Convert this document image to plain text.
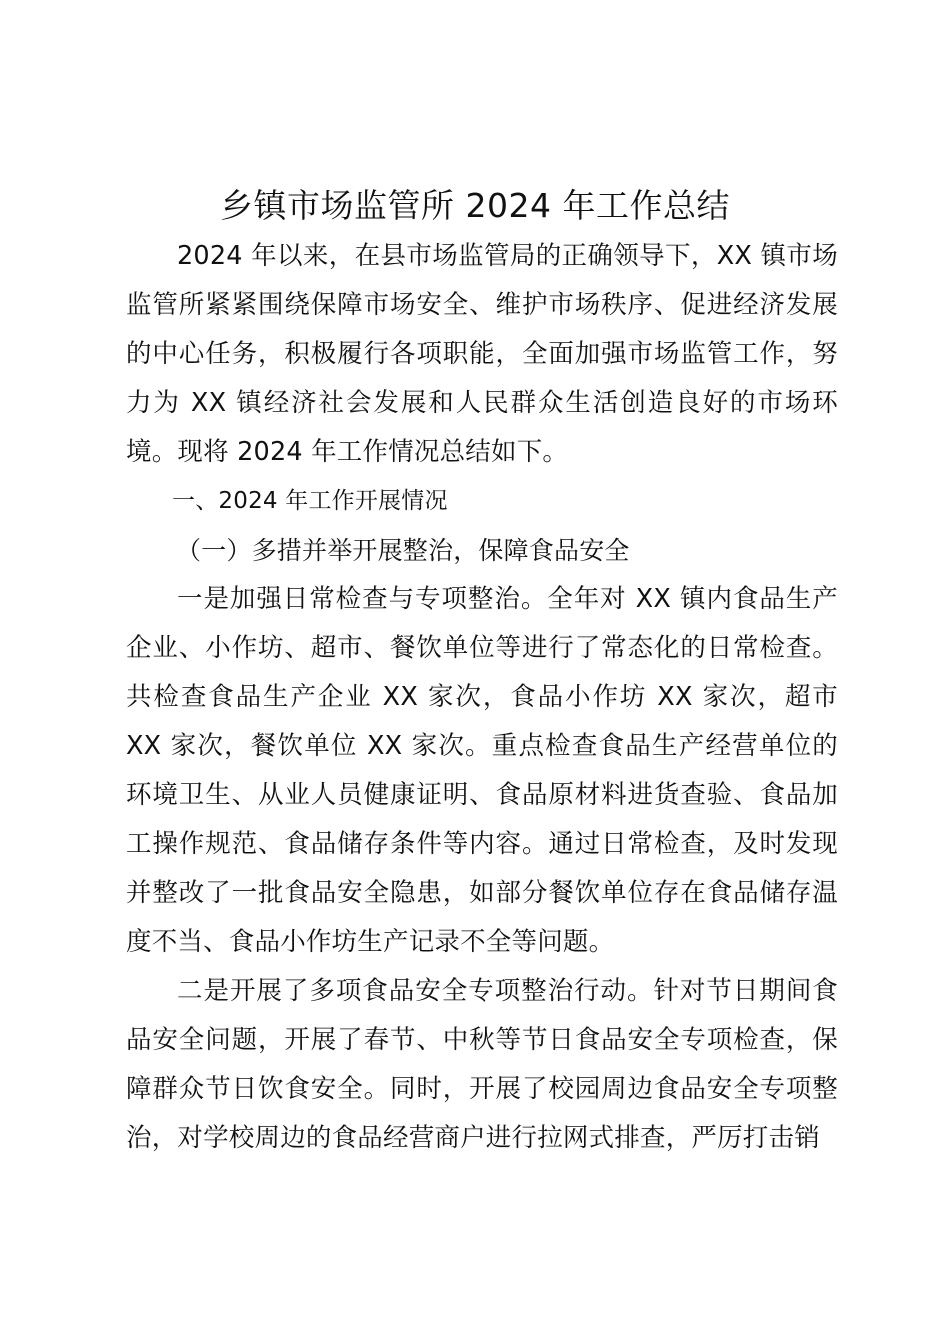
乡镇市场监管所 2024 年工作总结

2024 年以来，在县市场监管局的正确领导下，XX 镇市场监管所紧紧围绕保障市场安全、维护市场秩序、促进经济发展的中心任务，积极履行各项职能，全面加强市场监管工作，努力为 XX 镇经济社会发展和人民群众生活创造良好的市场环境。现将 2024 年工作情况总结如下。

一、2024 年工作开展情况

（一）多措并举开展整治，保障食品安全

一是加强日常检查与专项整治。全年对 XX 镇内食品生产企业、小作坊、超市、餐饮单位等进行了常态化的日常检查。共检查食品生产企业 XX 家次，食品小作坊 XX 家次，超市 XX 家次，餐饮单位 XX 家次。重点检查食品生产经营单位的环境卫生、从业人员健康证明、食品原材料进货查验、食品加工操作规范、食品储存条件等内容。通过日常检查，及时发现并整改了一批食品安全隐患，如部分餐饮单位存在食品储存温度不当、食品小作坊生产记录不全等问题。

二是开展了多项食品安全专项整治行动。针对节日期间食品安全问题，开展了春节、中秋等节日食品安全专项检查，保障群众节日饮食安全。同时，开展了校园周边食品安全专项整治，对学校周边的食品经营商户进行拉网式排查，严厉打击销
